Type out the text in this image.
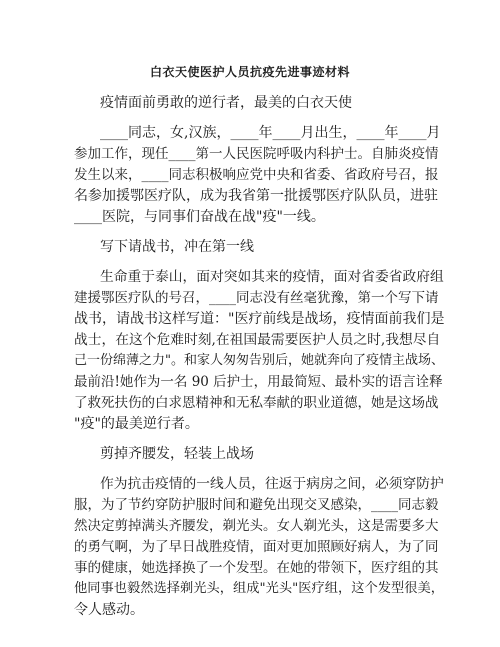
白衣天使医护人员抗疫先进事迹材料
疫情面前勇敢的逆行者，最美的白衣天使
____同志，女,汉族，____年____月出生，____年____月
参加工作，现任____第一人民医院呼吸内科护士。自肺炎疫情
发生以来，____同志积极响应党中央和省委、省政府号召，报
名参加援鄂医疗队，成为我省第一批援鄂医疗队队员，进驻
____医院，与同事们奋战在战"疫"一线。
写下请战书，冲在第一线
生命重于泰山，面对突如其来的疫情，面对省委省政府组
建援鄂医疗队的号召，____同志没有丝毫犹豫，第一个写下请
战书，请战书这样写道："医疗前线是战场，疫情面前我们是
战士，在这个危难时刻,在祖国最需要医护人员之时,我想尽自
己一份绵薄之力"。和家人匆匆告别后，她就奔向了疫情主战场、
最前沿!她作为一名 90 后护士，用最简短、最朴实的语言诠释
了救死扶伤的白求恩精神和无私奉献的职业道德，她是这场战
"疫"的最美逆行者。
剪掉齐腰发，轻装上战场
作为抗击疫情的一线人员，往返于病房之间，必须穿防护
服，为了节约穿防护服时间和避免出现交叉感染，____同志毅
然决定剪掉满头齐腰发，剃光头。女人剃光头，这是需要多大
的勇气啊，为了早日战胜疫情，面对更加照顾好病人，为了同
事的健康，她选择换了一个发型。在她的带领下，医疗组的其
他同事也毅然选择剃光头，组成"光头"医疗组，这个发型很美，
令人感动。
